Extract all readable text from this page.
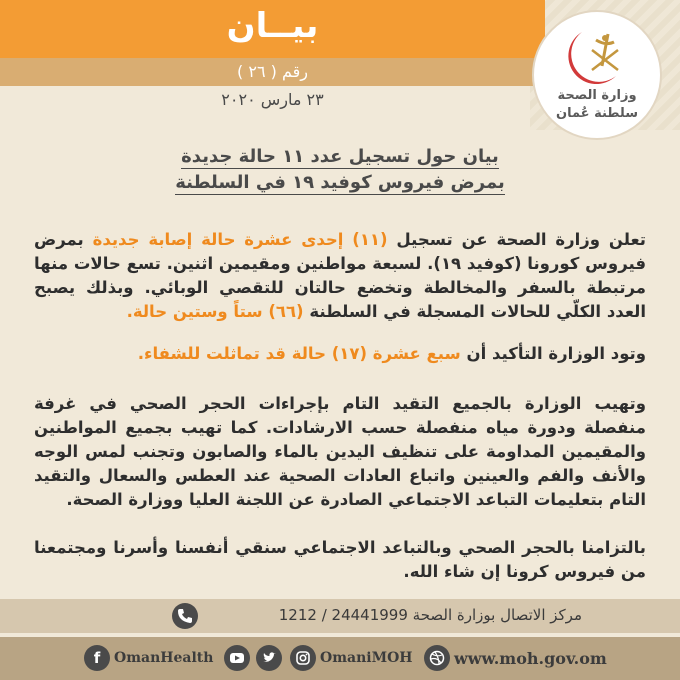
بيــان
رقم ( ٢٦ )
٢٣ مارس ٢٠٢٠	وزارة الصحة
سلطنة عُمان
بيان حول تسجيل عدد ١١ حالة جديدة
بمرض فيروس كوفيد ١٩ في السلطنة
تعلن وزارة الصحة عن تسجيل (١١) إحدى عشرة حالة إصابة جديدة بمرض فيروس كورونا (كوفيد ١٩). لسبعة مواطنين ومقيمين اثنين. تسع حالات منها مرتبطة بالسفر والمخالطة وتخضع حالتان للتقصي الوبائي. وبذلك يصبح العدد الكلّي للحالات المسجلة في السلطنة (٦٦) ستاً وستين حالة.
وتود الوزارة التأكيد أن سبع عشرة (١٧) حالة قد تماثلت للشفاء.
وتهيب الوزارة بالجميع التقيد التام بإجراءات الحجر الصحي في غرفة منفصلة ودورة مياه منفصلة حسب الارشادات. كما تهيب بجميع المواطنين والمقيمين المداومة على تنظيف اليدين بالماء والصابون وتجنب لمس الوجه والأنف والفم والعينين واتباع العادات الصحية عند العطس والسعال والتقيد التام بتعليمات التباعد الاجتماعي الصادرة عن اللجنة العليا ووزارة الصحة.
بالتزامنا بالحجر الصحي وبالتباعد الاجتماعي سنقي أنفسنا وأسرنا ومجتمعنا من فيروس كرونا إن شاء الله.
مركز الاتصال بوزارة الصحة 24441999 / 1212
f OmanHealth	OmaniMOH	www.moh.gov.om
